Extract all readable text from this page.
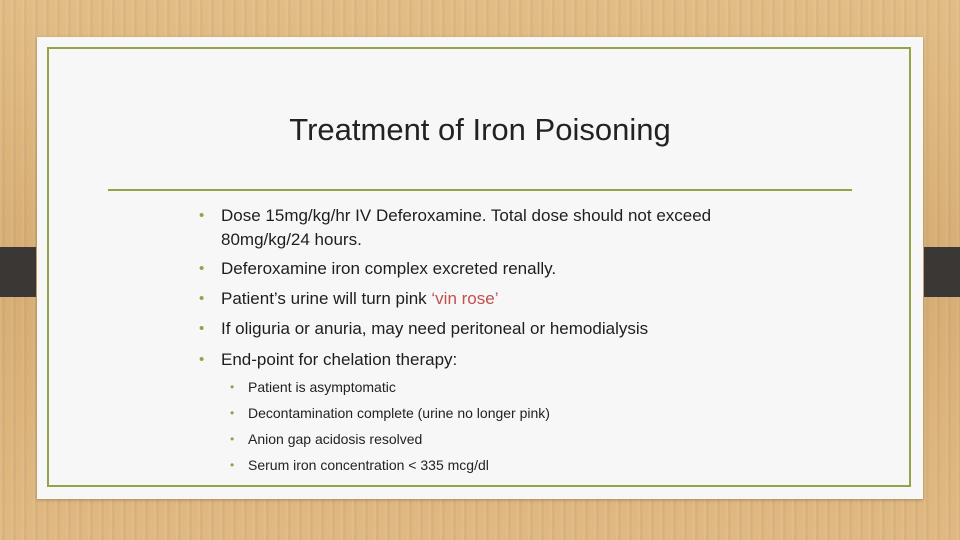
Treatment of Iron Poisoning
• Dose 15mg/kg/hr IV Deferoxamine. Total dose should not exceed
80mg/kg/24 hours.
• Deferoxamine iron complex excreted renally.
• Patient’s urine will turn pink ‘vin rose’
• If oliguria or anuria, may need peritoneal or hemodialysis
• End-point for chelation therapy:
• Patient is asymptomatic
• Decontamination complete (urine no longer pink)
• Anion gap acidosis resolved
• Serum iron concentration < 335 mcg/dl
